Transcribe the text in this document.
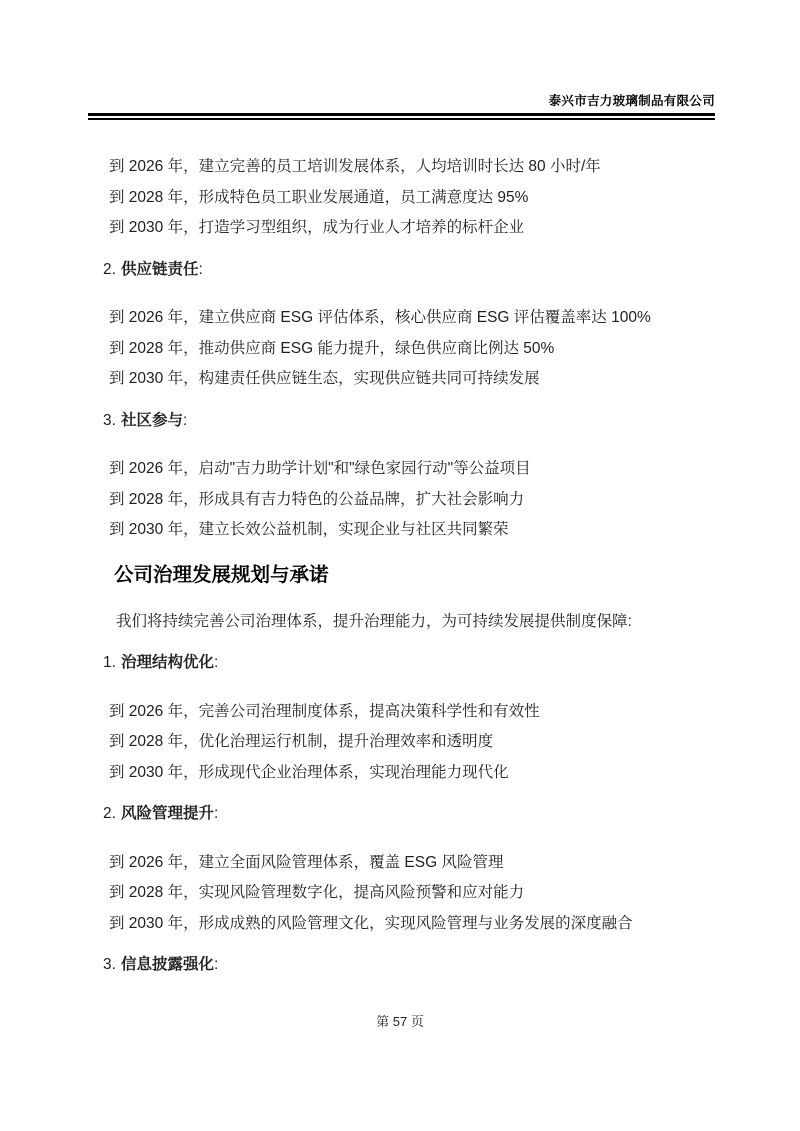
泰兴市吉力玻璃制品有限公司

到 2026 年，建立完善的员工培训发展体系，人均培训时长达 80 小时/年

到 2028 年，形成特色员工职业发展通道，员工满意度达 95%

到 2030 年，打造学习型组织，成为行业人才培养的标杆企业

2. 供应链责任:

到 2026 年，建立供应商 ESG 评估体系，核心供应商 ESG 评估覆盖率达 100%

到 2028 年，推动供应商 ESG 能力提升，绿色供应商比例达 50%

到 2030 年，构建责任供应链生态，实现供应链共同可持续发展

3. 社区参与:

到 2026 年，启动"吉力助学计划"和"绿色家园行动"等公益项目

到 2028 年，形成具有吉力特色的公益品牌，扩大社会影响力

到 2030 年，建立长效公益机制，实现企业与社区共同繁荣

公司治理发展规划与承诺

我们将持续完善公司治理体系，提升治理能力，为可持续发展提供制度保障:

1. 治理结构优化:

到 2026 年，完善公司治理制度体系，提高决策科学性和有效性

到 2028 年，优化治理运行机制，提升治理效率和透明度

到 2030 年，形成现代企业治理体系，实现治理能力现代化

2. 风险管理提升:

到 2026 年，建立全面风险管理体系，覆盖 ESG 风险管理

到 2028 年，实现风险管理数字化，提高风险预警和应对能力

到 2030 年，形成成熟的风险管理文化，实现风险管理与业务发展的深度融合

3. 信息披露强化:

第 57 页
